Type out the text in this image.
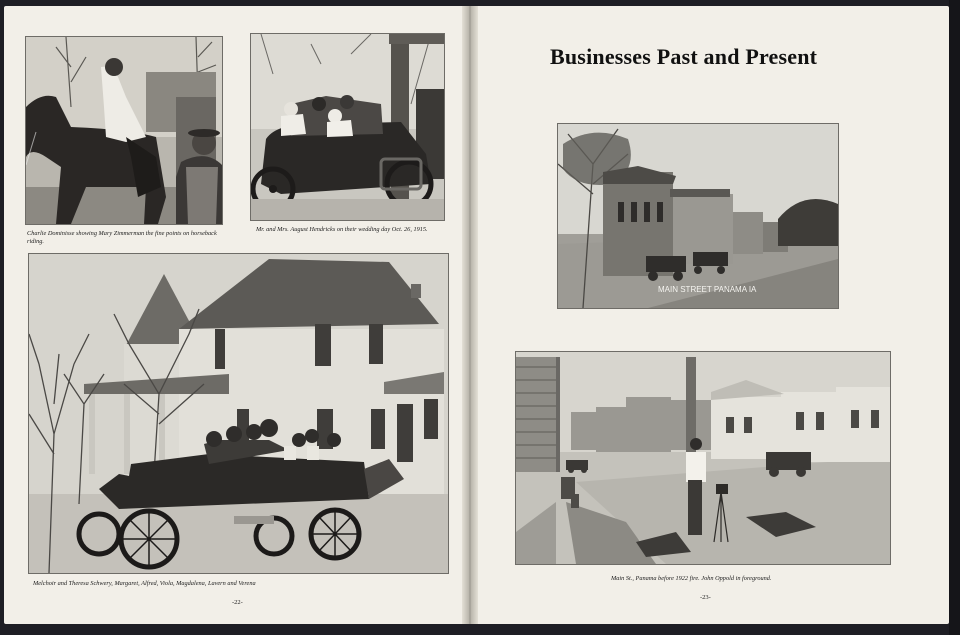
Charlie Dominisse showing Mary Zimmerman the fine points on horseback riding.

Mr. and Mrs. August Hendricks on their wedding day Oct. 26, 1915.

Melchoir and Theresa Schwery, Margaret, Alfred, Viola, Magdalena, Lavern and Verena

-22-
Businesses Past and Present
MAIN STREET PANAMA IA

Main St., Panama before 1922 fire. John Oppold in foreground.

-23-
